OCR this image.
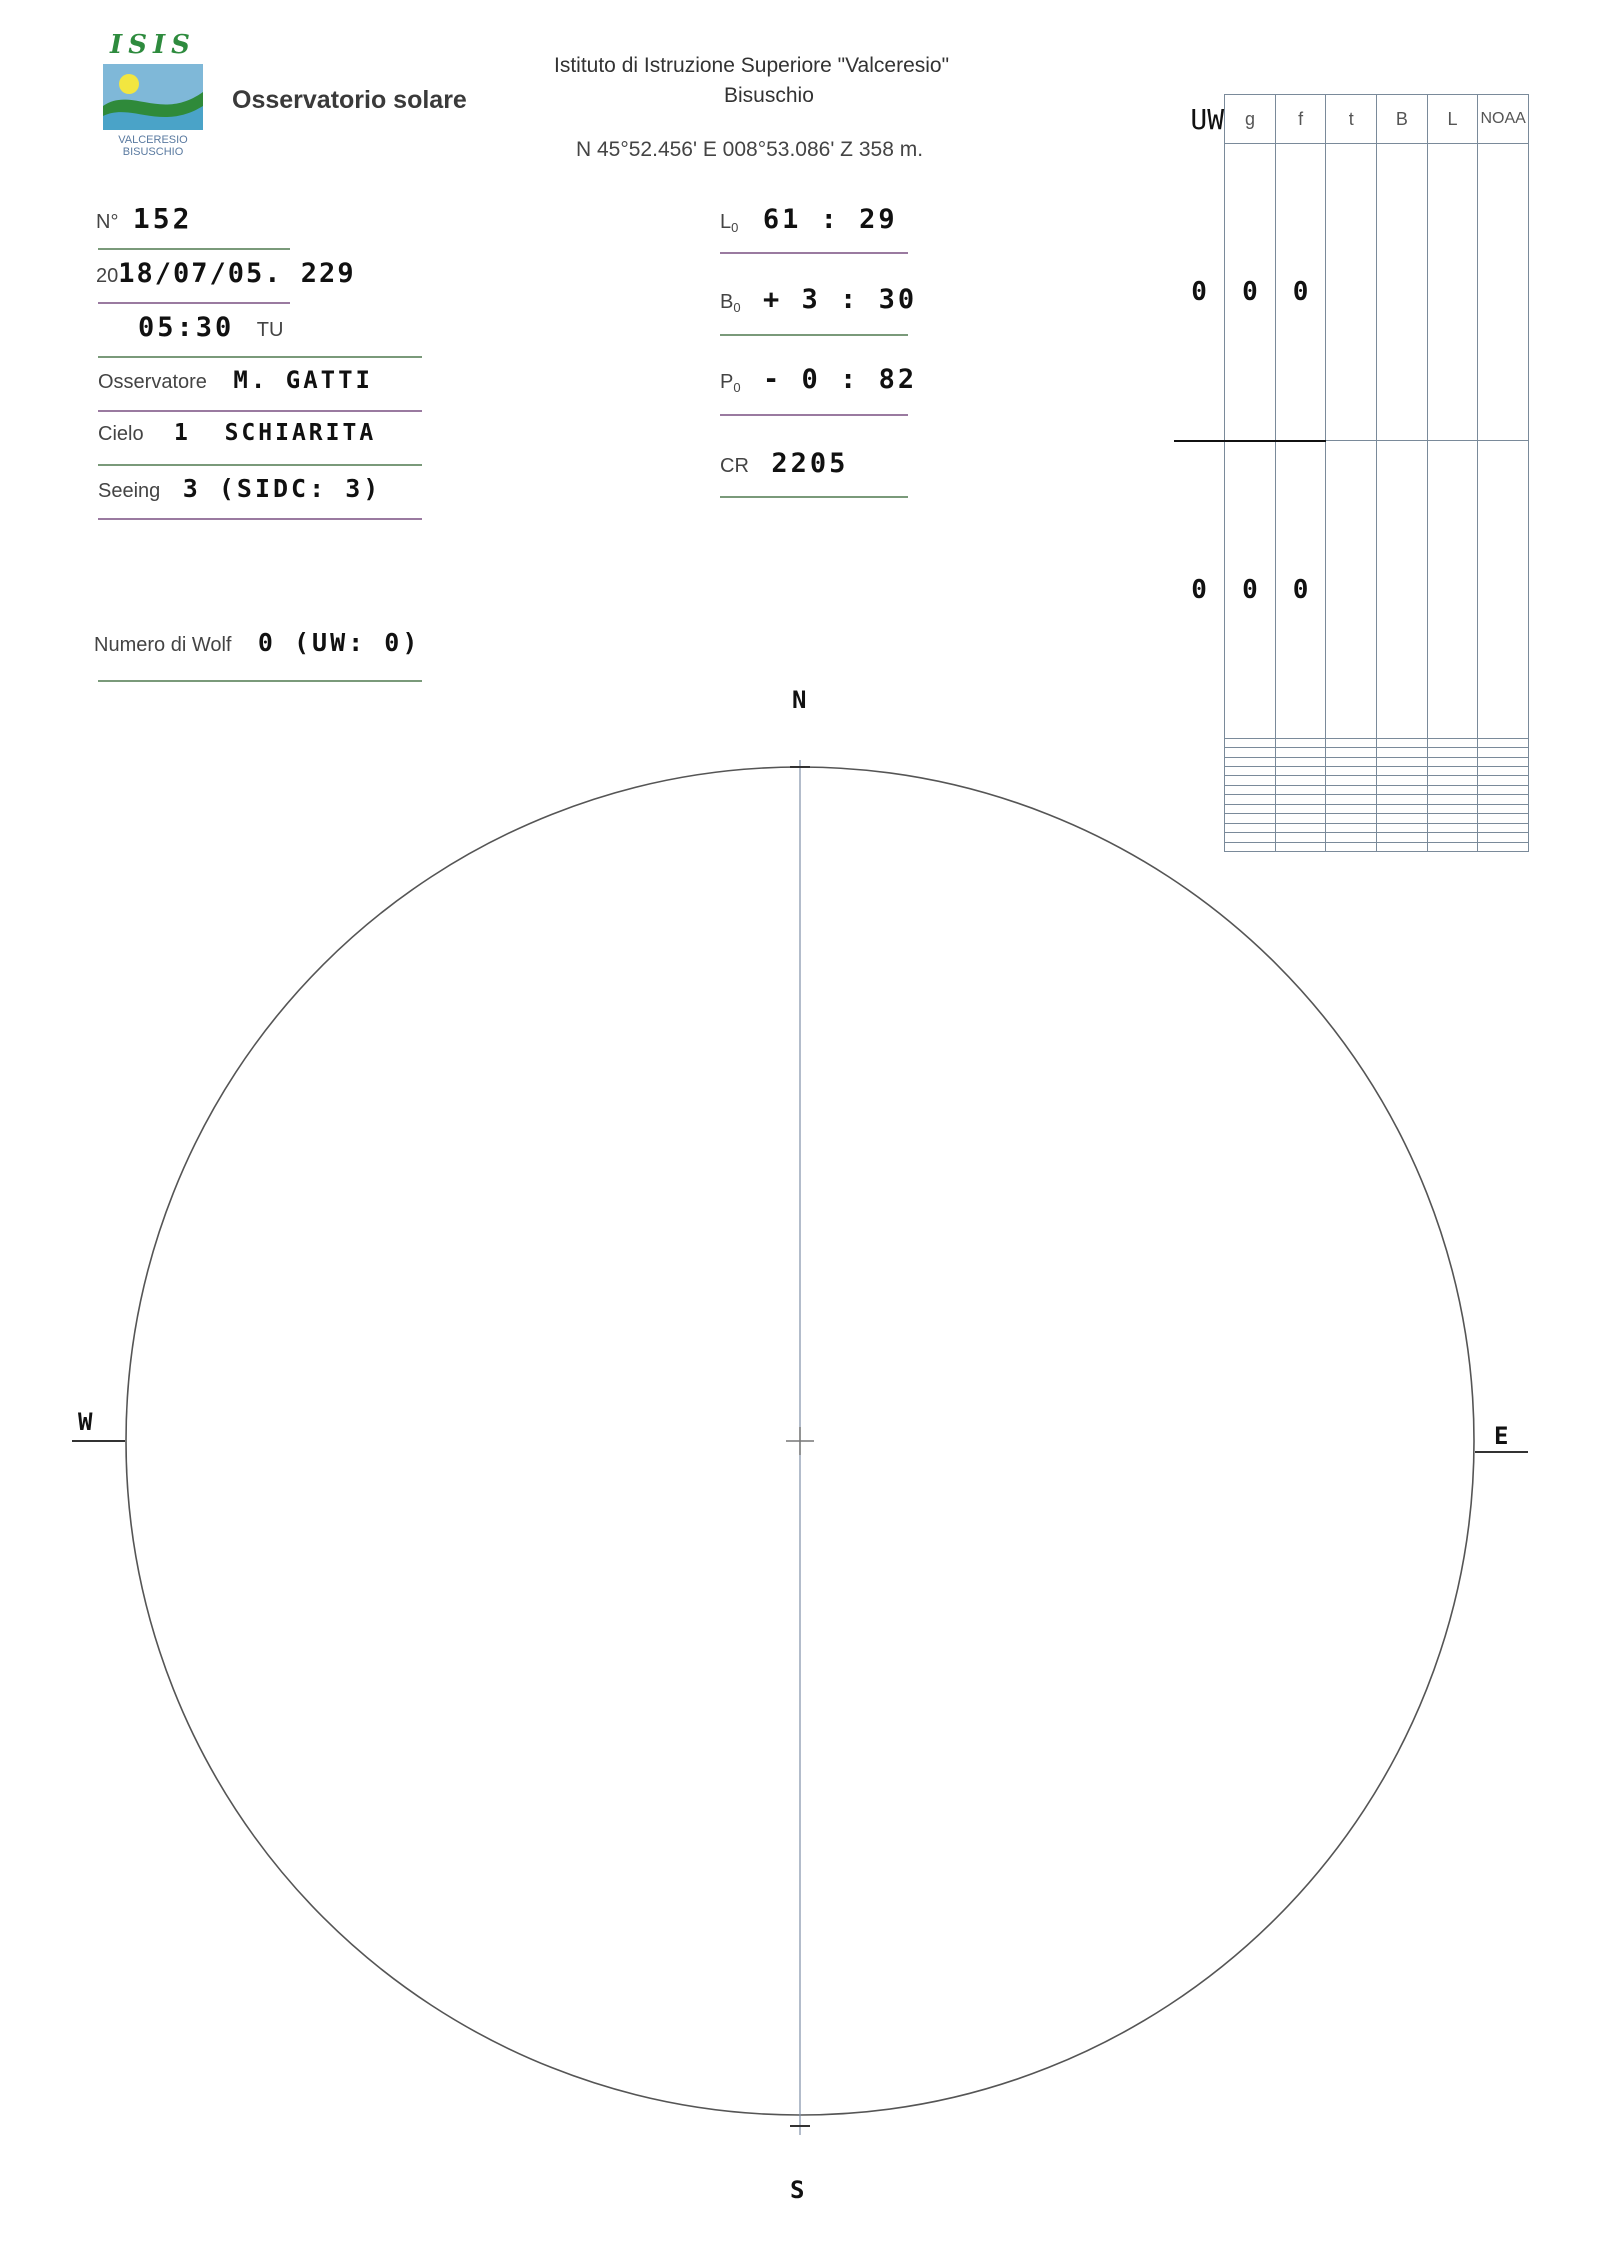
ISIS
VALCERESIO BISUSCHIO
Osservatorio solare
Istituto di Istruzione Superiore "Valceresio"
Bisuschio
N 45°52.456' E 008°53.086' Z 358 m.
N° 152
2018/07/05. 229
05:30 TU
Osservatore M. GATTI
Cielo 1  SCHIARITA
Seeing 3 (SIDC: 3)
Numero di Wolf 0 (UW: 0)
$L_0$ 61 : 29
$B_0 + 3$ : 30
$P_0 - 0$ : 82
CR 2205
UW	g	f	t	B	L	NOAA
0	0	0				
0	0	0				

N
S
W	E
